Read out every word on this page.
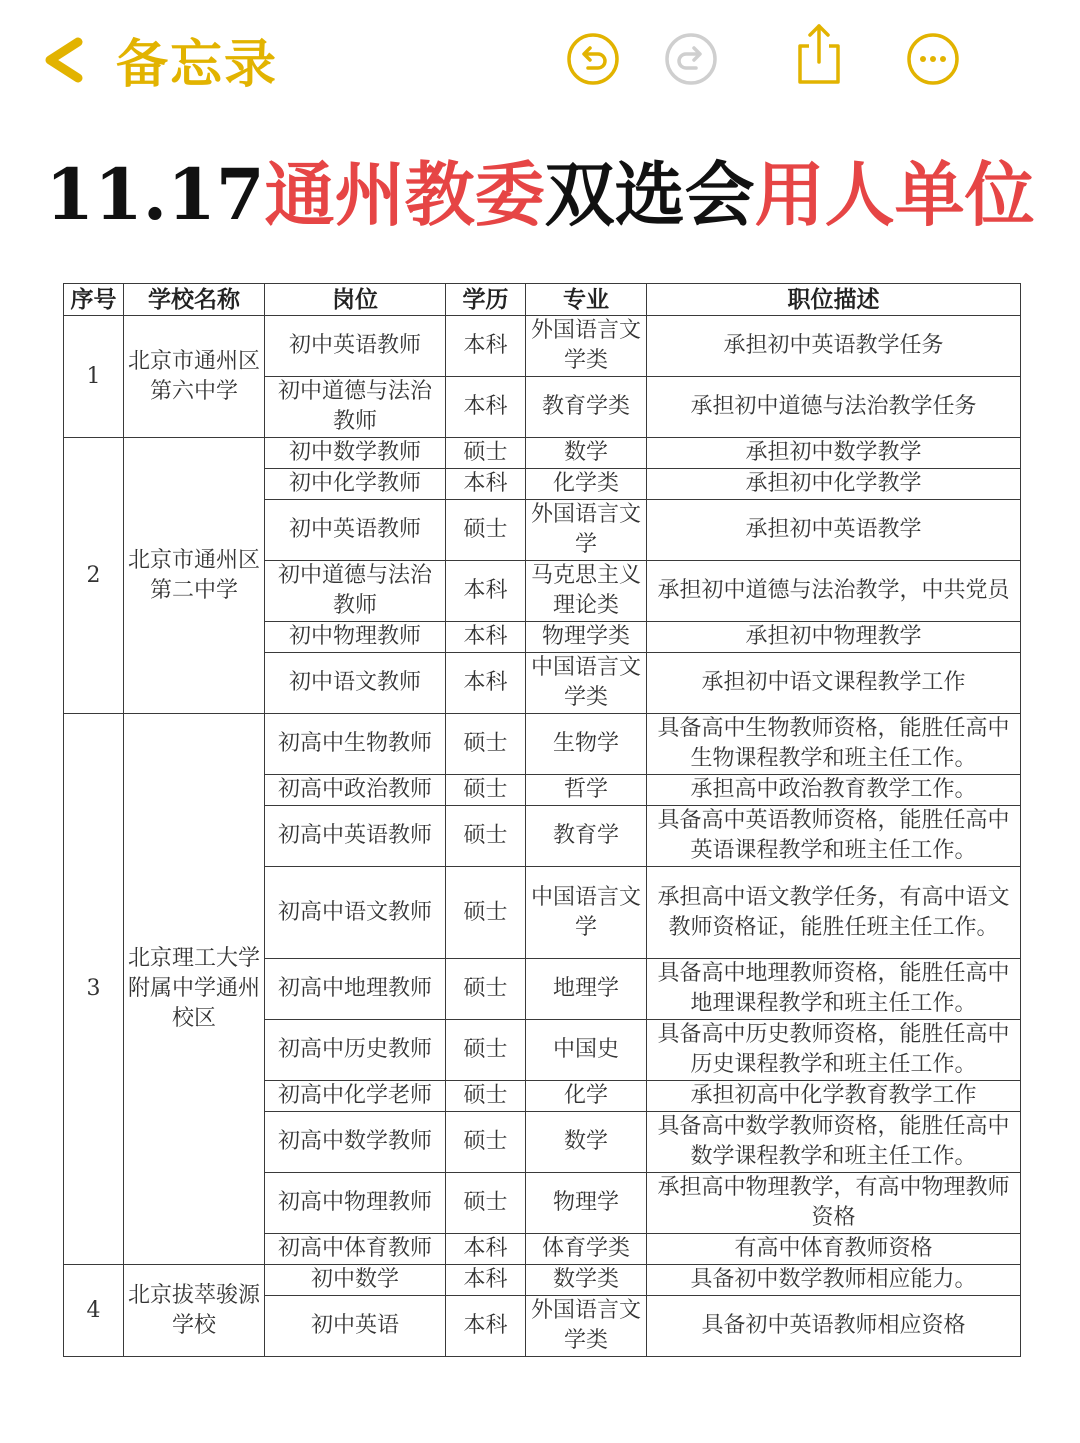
备忘录
11.17通州教委双选会用人单位
序号	学校名称	岗位	学历	专业	职位描述
1	北京市通州区第六中学	初中英语教师	本科	外国语言文学类	承担初中英语教学任务
		初中道德与法治教师	本科	教育学类	承担初中道德与法治教学任务
2	北京市通州区第二中学	初中数学教师	硕士	数学	承担初中数学教学
		初中化学教师	本科	化学类	承担初中化学教学
		初中英语教师	硕士	外国语言文学	承担初中英语教学
		初中道德与法治教师	本科	马克思主义理论类	承担初中道德与法治教学，中共党员
		初中物理教师	本科	物理学类	承担初中物理教学
		初中语文教师	本科	中国语言文学类	承担初中语文课程教学工作
3	北京理工大学附属中学通州校区	初高中生物教师	硕士	生物学	具备高中生物教师资格，能胜任高中生物课程教学和班主任工作。
		初高中政治教师	硕士	哲学	承担高中政治教育教学工作。
		初高中英语教师	硕士	教育学	具备高中英语教师资格，能胜任高中英语课程教学和班主任工作。
		初高中语文教师	硕士	中国语言文学	承担高中语文教学任务，有高中语文教师资格证，能胜任班主任工作。
		初高中地理教师	硕士	地理学	具备高中地理教师资格，能胜任高中地理课程教学和班主任工作。
		初高中历史教师	硕士	中国史	具备高中历史教师资格，能胜任高中历史课程教学和班主任工作。
		初高中化学老师	硕士	化学	承担初高中化学教育教学工作
		初高中数学教师	硕士	数学	具备高中数学教师资格，能胜任高中数学课程教学和班主任工作。
		初高中物理教师	硕士	物理学	承担高中物理教学，有高中物理教师资格
		初高中体育教师	本科	体育学类	有高中体育教师资格
4	北京拔萃骏源学校	初中数学	本科	数学类	具备初中数学教师相应能力。
		初中英语	本科	外国语言文学类	具备初中英语教师相应资格
